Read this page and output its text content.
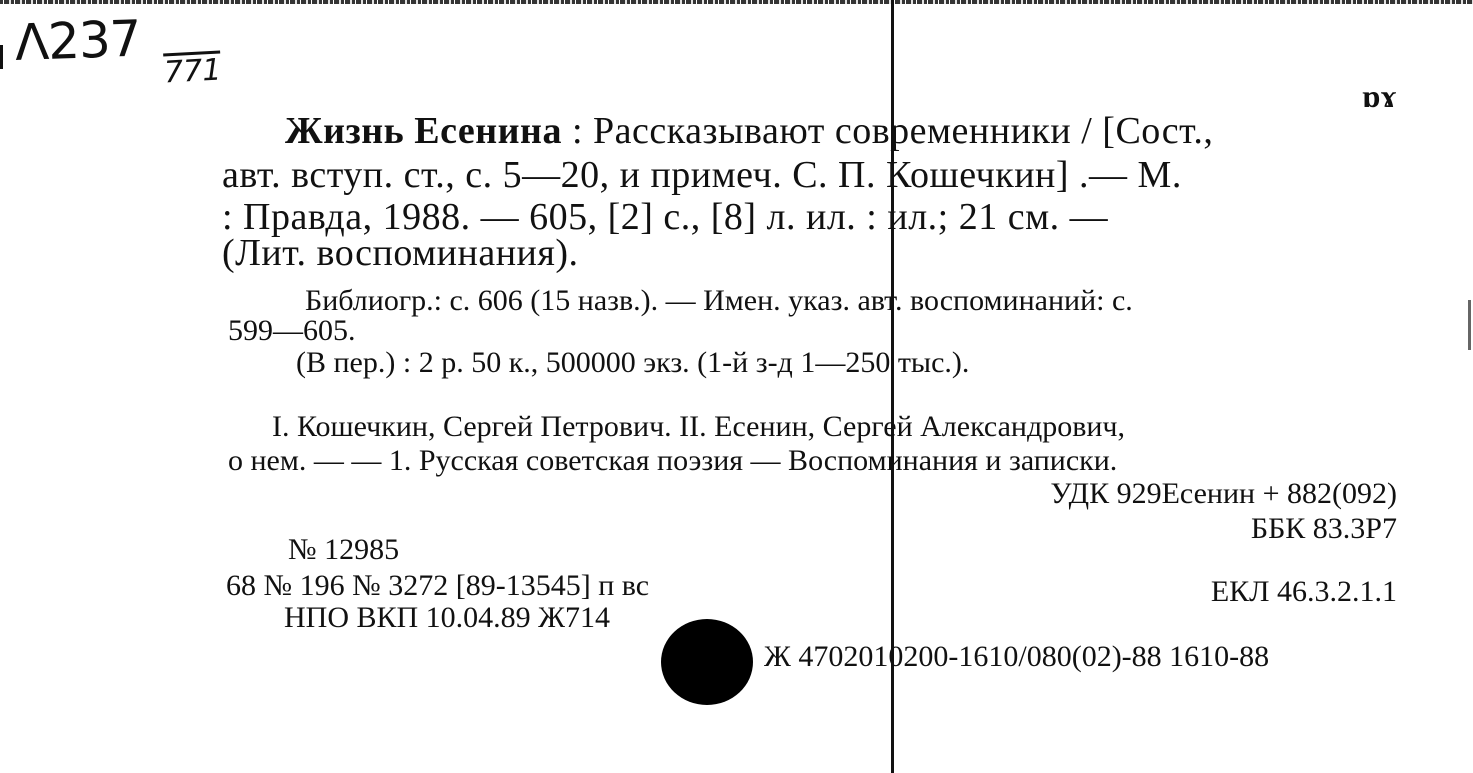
Λ237 771
ɒɤ
Жизнь Есенина : Рассказывают современники / [Сост.,
авт. вступ. ст., с. 5—20, и примеч. С. П. Кошечкин] .— М.
: Правда, 1988. — 605, [2] с., [8] л. ил. : ил.; 21 см. —
(Лит. воспоминания).
Библиогр.: с. 606 (15 назв.). — Имен. указ. авт. воспоминаний: с.
599—605.
(В пер.) : 2 р. 50 к., 500000 экз. (1-й з-д 1—250 тыс.).
I. Кошечкин, Сергей Петрович. II. Есенин, Сергей Александрович,
о нем. — — 1. Русская советская поэзия — Воспоминания и записки.
УДК 929Есенин + 882(092)
ББК 83.3Р7
№ 12985
68 № 196 № 3272 [89-13545] п вс
НПО ВКП 10.04.89 Ж714
ЕКЛ 46.3.2.1.1
Ж 4702010200-1610/080(02)-88 1610-88
